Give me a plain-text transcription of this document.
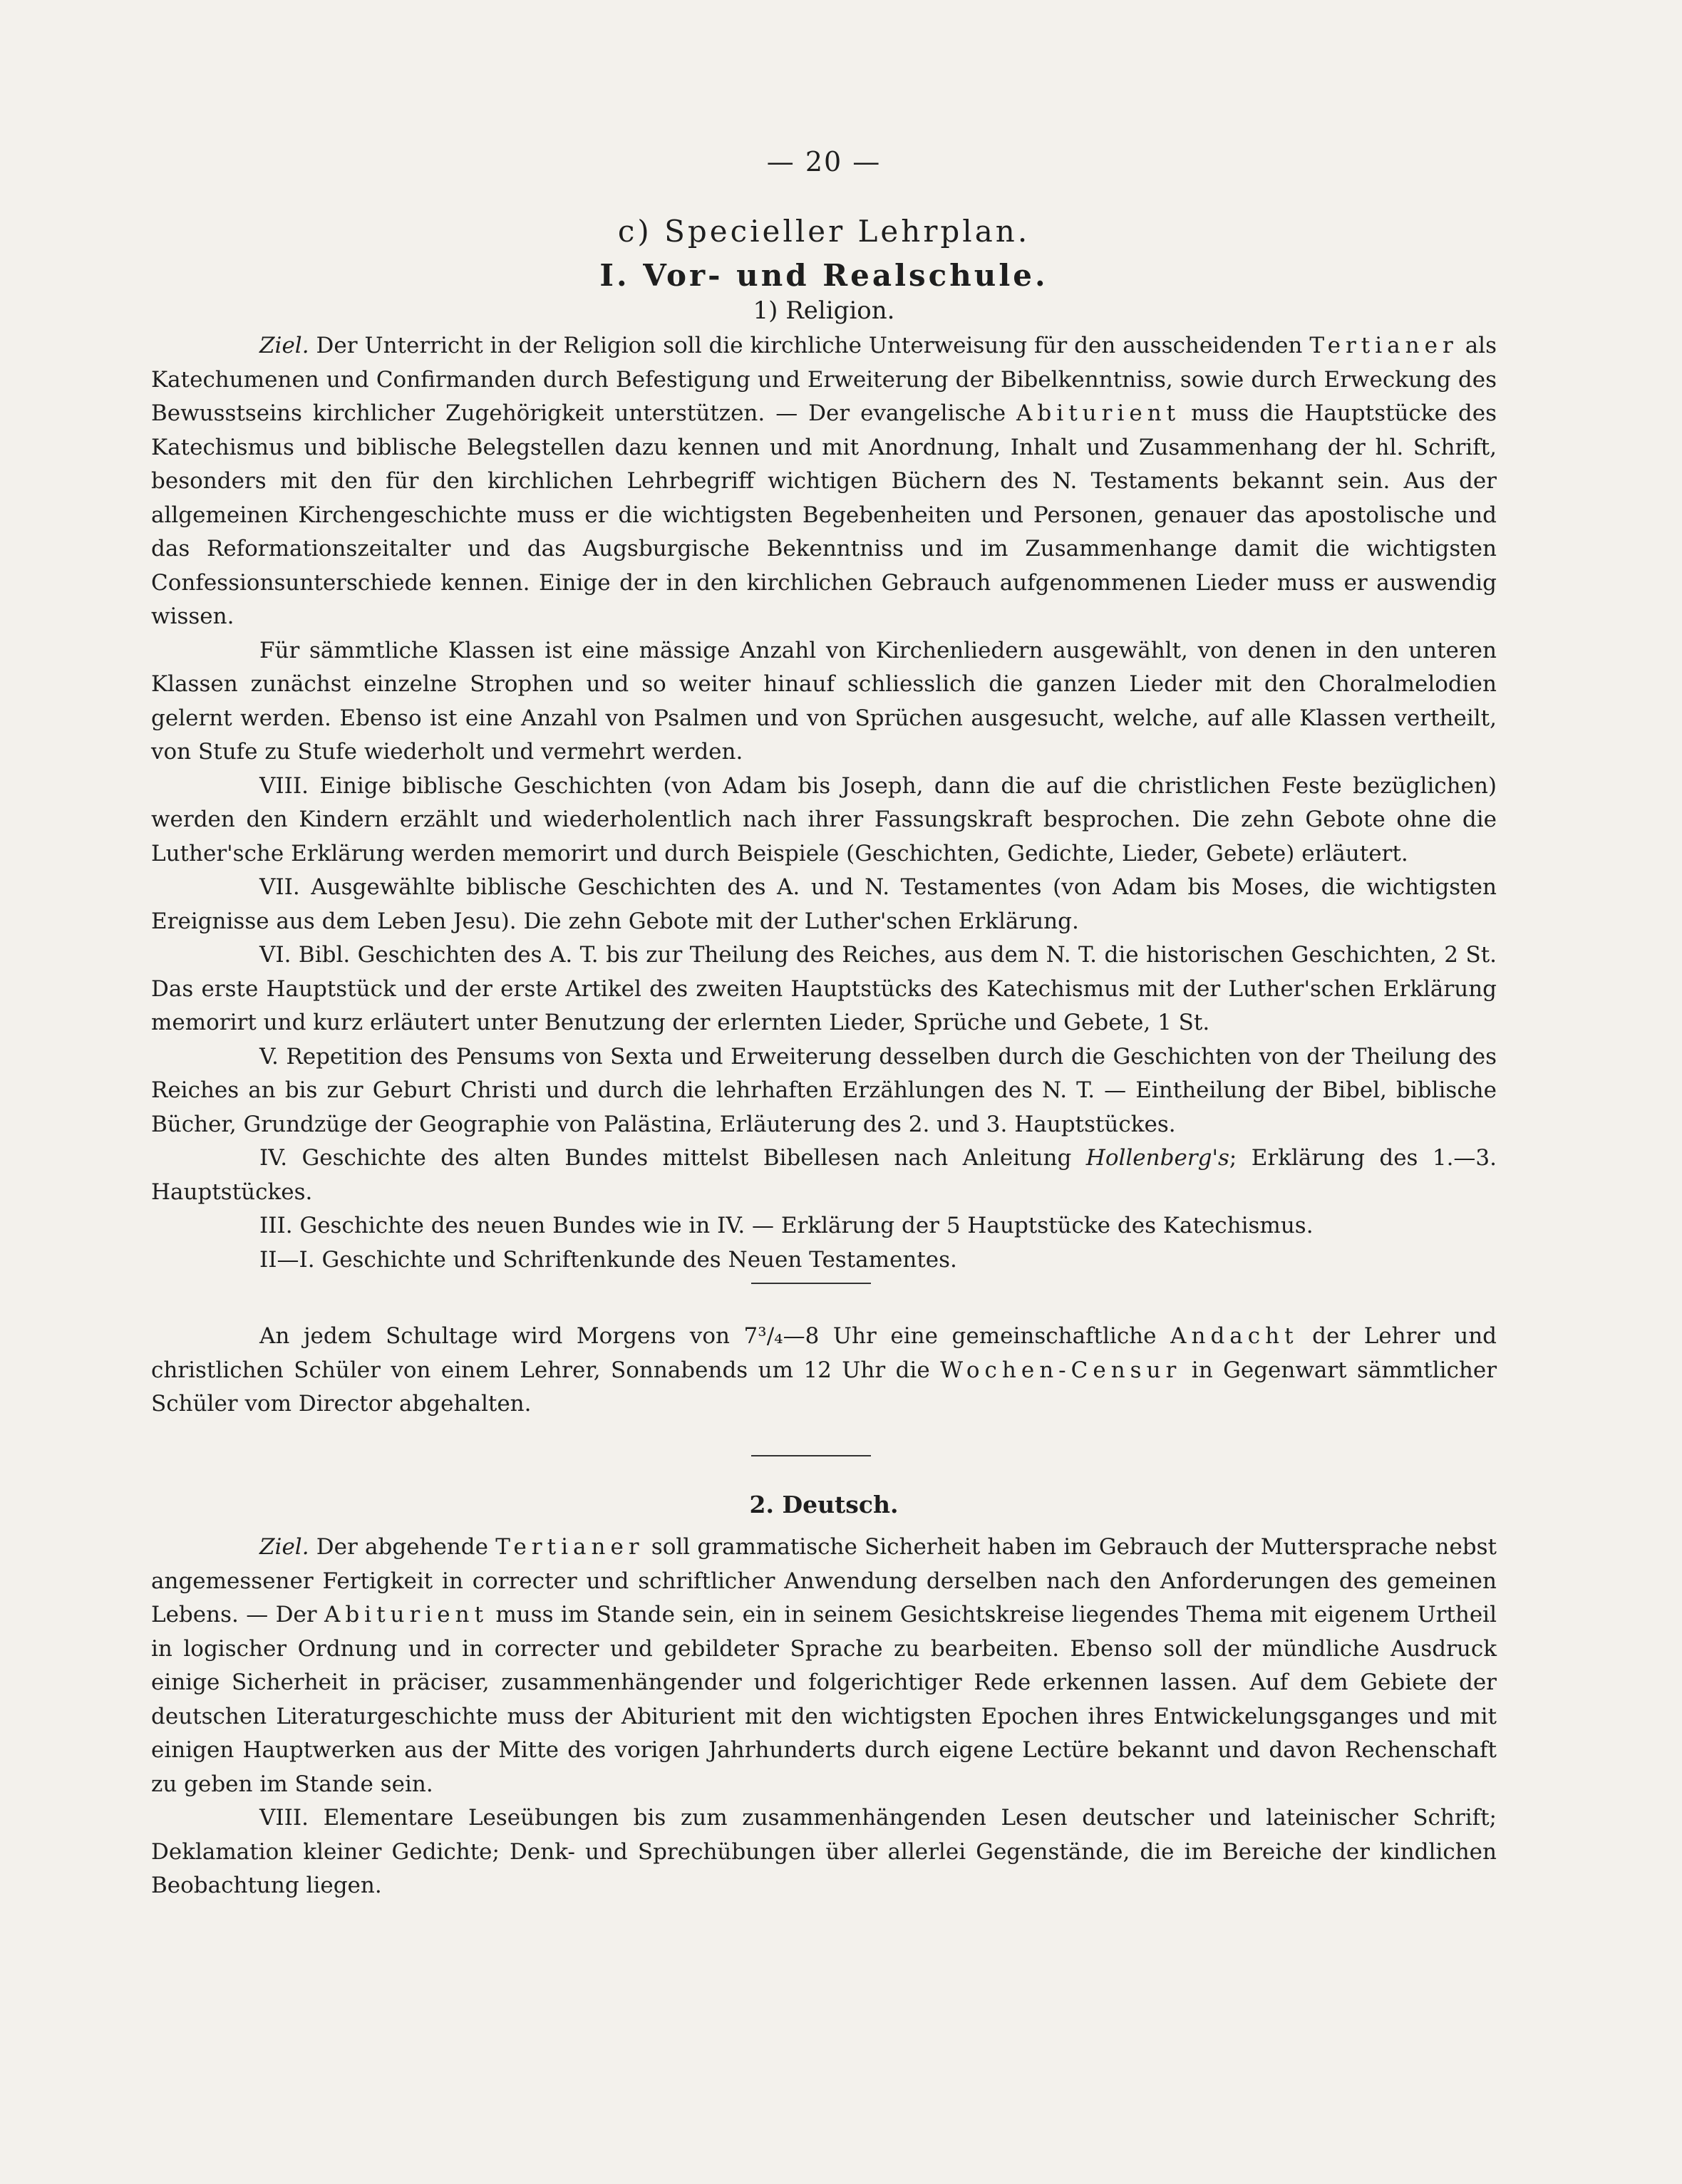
— 20 —
c) Specieller Lehrplan.
I. Vor- und Realschule.
1) Religion.

Ziel. Der Unterricht in der Religion soll die kirchliche Unterweisung für den ausscheidenden Tertianer als Katechumenen und Confirmanden durch Befestigung und Erweiterung der Bibelkenntniss, sowie durch Erweckung des Bewusstseins kirchlicher Zugehörigkeit unterstützen. — Der evangelische Abiturient muss die Hauptstücke des Katechismus und biblische Belegstellen dazu kennen und mit Anordnung, Inhalt und Zusammenhang der hl. Schrift, besonders mit den für den kirchlichen Lehrbegriff wichtigen Büchern des N. Testaments bekannt sein. Aus der allgemeinen Kirchengeschichte muss er die wichtigsten Begebenheiten und Personen, genauer das apostolische und das Reformationszeitalter und das Augsburgische Bekenntniss und im Zusammenhange damit die wichtigsten Confessionsunterschiede kennen. Einige der in den kirchlichen Gebrauch aufgenommenen Lieder muss er auswendig wissen.

Für sämmtliche Klassen ist eine mässige Anzahl von Kirchenliedern ausgewählt, von denen in den unteren Klassen zunächst einzelne Strophen und so weiter hinauf schliesslich die ganzen Lieder mit den Choralmelodien gelernt werden. Ebenso ist eine Anzahl von Psalmen und von Sprüchen ausgesucht, welche, auf alle Klassen vertheilt, von Stufe zu Stufe wiederholt und vermehrt werden.

VIII. Einige biblische Geschichten (von Adam bis Joseph, dann die auf die christlichen Feste bezüglichen) werden den Kindern erzählt und wiederholentlich nach ihrer Fassungskraft besprochen. Die zehn Gebote ohne die Luther'sche Erklärung werden memorirt und durch Beispiele (Geschichten, Gedichte, Lieder, Gebete) erläutert.

VII. Ausgewählte biblische Geschichten des A. und N. Testamentes (von Adam bis Moses, die wichtigsten Ereignisse aus dem Leben Jesu). Die zehn Gebote mit der Luther'schen Erklärung.

VI. Bibl. Geschichten des A. T. bis zur Theilung des Reiches, aus dem N. T. die historischen Geschichten, 2 St. Das erste Hauptstück und der erste Artikel des zweiten Hauptstücks des Katechismus mit der Luther'schen Erklärung memorirt und kurz erläutert unter Benutzung der erlernten Lieder, Sprüche und Gebete, 1 St.

V. Repetition des Pensums von Sexta und Erweiterung desselben durch die Geschichten von der Theilung des Reiches an bis zur Geburt Christi und durch die lehrhaften Erzählungen des N. T. — Eintheilung der Bibel, biblische Bücher, Grundzüge der Geographie von Palästina, Erläuterung des 2. und 3. Hauptstückes.

IV. Geschichte des alten Bundes mittelst Bibellesen nach Anleitung Hollenberg's; Erklärung des 1.—3. Hauptstückes.

III. Geschichte des neuen Bundes wie in IV. — Erklärung der 5 Hauptstücke des Katechismus.

II—I. Geschichte und Schriftenkunde des Neuen Testamentes.

An jedem Schultage wird Morgens von 7³/₄—8 Uhr eine gemeinschaftliche Andacht der Lehrer und christlichen Schüler von einem Lehrer, Sonnabends um 12 Uhr die Wochen-Censur in Gegenwart sämmtlicher Schüler vom Director abgehalten.

2. Deutsch.

Ziel. Der abgehende Tertianer soll grammatische Sicherheit haben im Gebrauch der Muttersprache nebst angemessener Fertigkeit in correcter und schriftlicher Anwendung derselben nach den Anforderungen des gemeinen Lebens. — Der Abiturient muss im Stande sein, ein in seinem Gesichtskreise liegendes Thema mit eigenem Urtheil in logischer Ordnung und in correcter und gebildeter Sprache zu bearbeiten. Ebenso soll der mündliche Ausdruck einige Sicherheit in präciser, zusammenhängender und folgerichtiger Rede erkennen lassen. Auf dem Gebiete der deutschen Literaturgeschichte muss der Abiturient mit den wichtigsten Epochen ihres Entwickelungsganges und mit einigen Hauptwerken aus der Mitte des vorigen Jahrhunderts durch eigene Lectüre bekannt und davon Rechenschaft zu geben im Stande sein.

VIII. Elementare Leseübungen bis zum zusammenhängenden Lesen deutscher und lateinischer Schrift; Deklamation kleiner Gedichte; Denk- und Sprechübungen über allerlei Gegenstände, die im Bereiche der kindlichen Beobachtung liegen.
